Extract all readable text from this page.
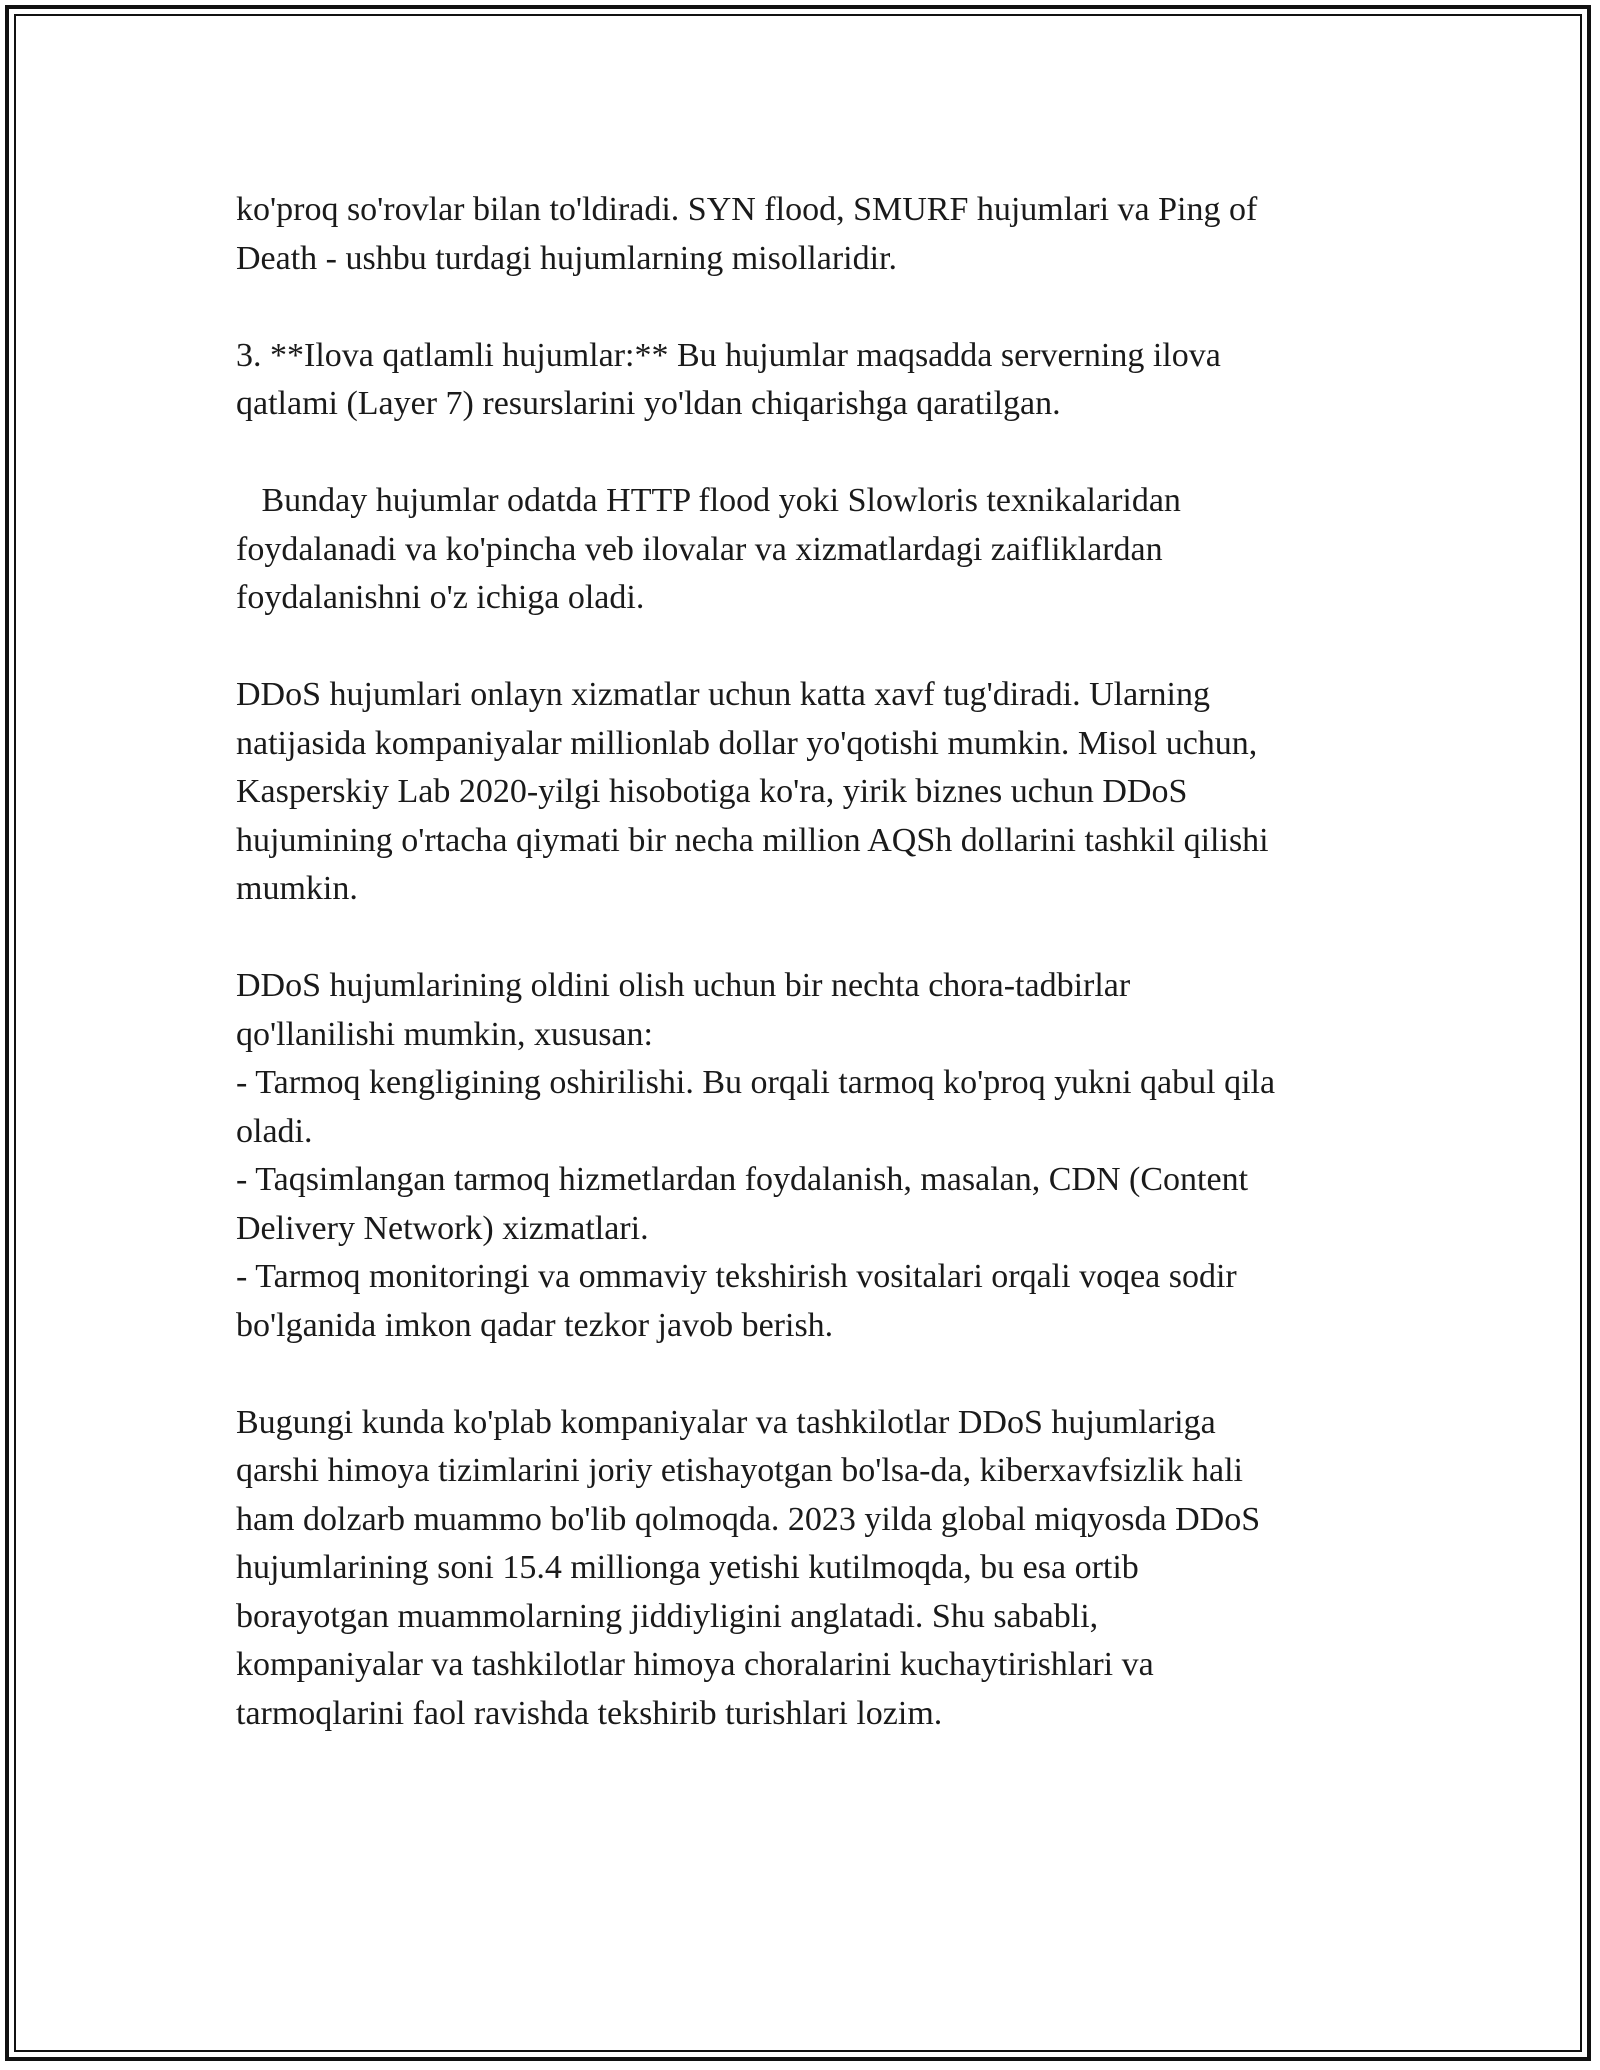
ko'proq so'rovlar bilan to'ldiradi. SYN flood, SMURF hujumlari va Ping of
Death - ushbu turdagi hujumlarning misollaridir.
3. **Ilova qatlamli hujumlar:** Bu hujumlar maqsadda serverning ilova
qatlami (Layer 7) resurslarini yo'ldan chiqarishga qaratilgan.
Bunday hujumlar odatda HTTP flood yoki Slowloris texnikalaridan
foydalanadi va ko'pincha veb ilovalar va xizmatlardagi zaifliklardan
foydalanishni o'z ichiga oladi.
DDoS hujumlari onlayn xizmatlar uchun katta xavf tug'diradi. Ularning
natijasida kompaniyalar millionlab dollar yo'qotishi mumkin. Misol uchun,
Kasperskiy Lab 2020-yilgi hisobotiga ko'ra, yirik biznes uchun DDoS
hujumining o'rtacha qiymati bir necha million AQSh dollarini tashkil qilishi
mumkin.
DDoS hujumlarining oldini olish uchun bir nechta chora-tadbirlar
qo'llanilishi mumkin, xususan:
- Tarmoq kengligining oshirilishi. Bu orqali tarmoq ko'proq yukni qabul qila
oladi.
- Taqsimlangan tarmoq hizmetlardan foydalanish, masalan, CDN (Content
Delivery Network) xizmatlari.
- Tarmoq monitoringi va ommaviy tekshirish vositalari orqali voqea sodir
bo'lganida imkon qadar tezkor javob berish.
Bugungi kunda ko'plab kompaniyalar va tashkilotlar DDoS hujumlariga
qarshi himoya tizimlarini joriy etishayotgan bo'lsa-da, kiberxavfsizlik hali
ham dolzarb muammo bo'lib qolmoqda. 2023 yilda global miqyosda DDoS
hujumlarining soni 15.4 millionga yetishi kutilmoqda, bu esa ortib
borayotgan muammolarning jiddiyligini anglatadi. Shu sababli,
kompaniyalar va tashkilotlar himoya choralarini kuchaytirishlari va
tarmoqlarini faol ravishda tekshirib turishlari lozim.
